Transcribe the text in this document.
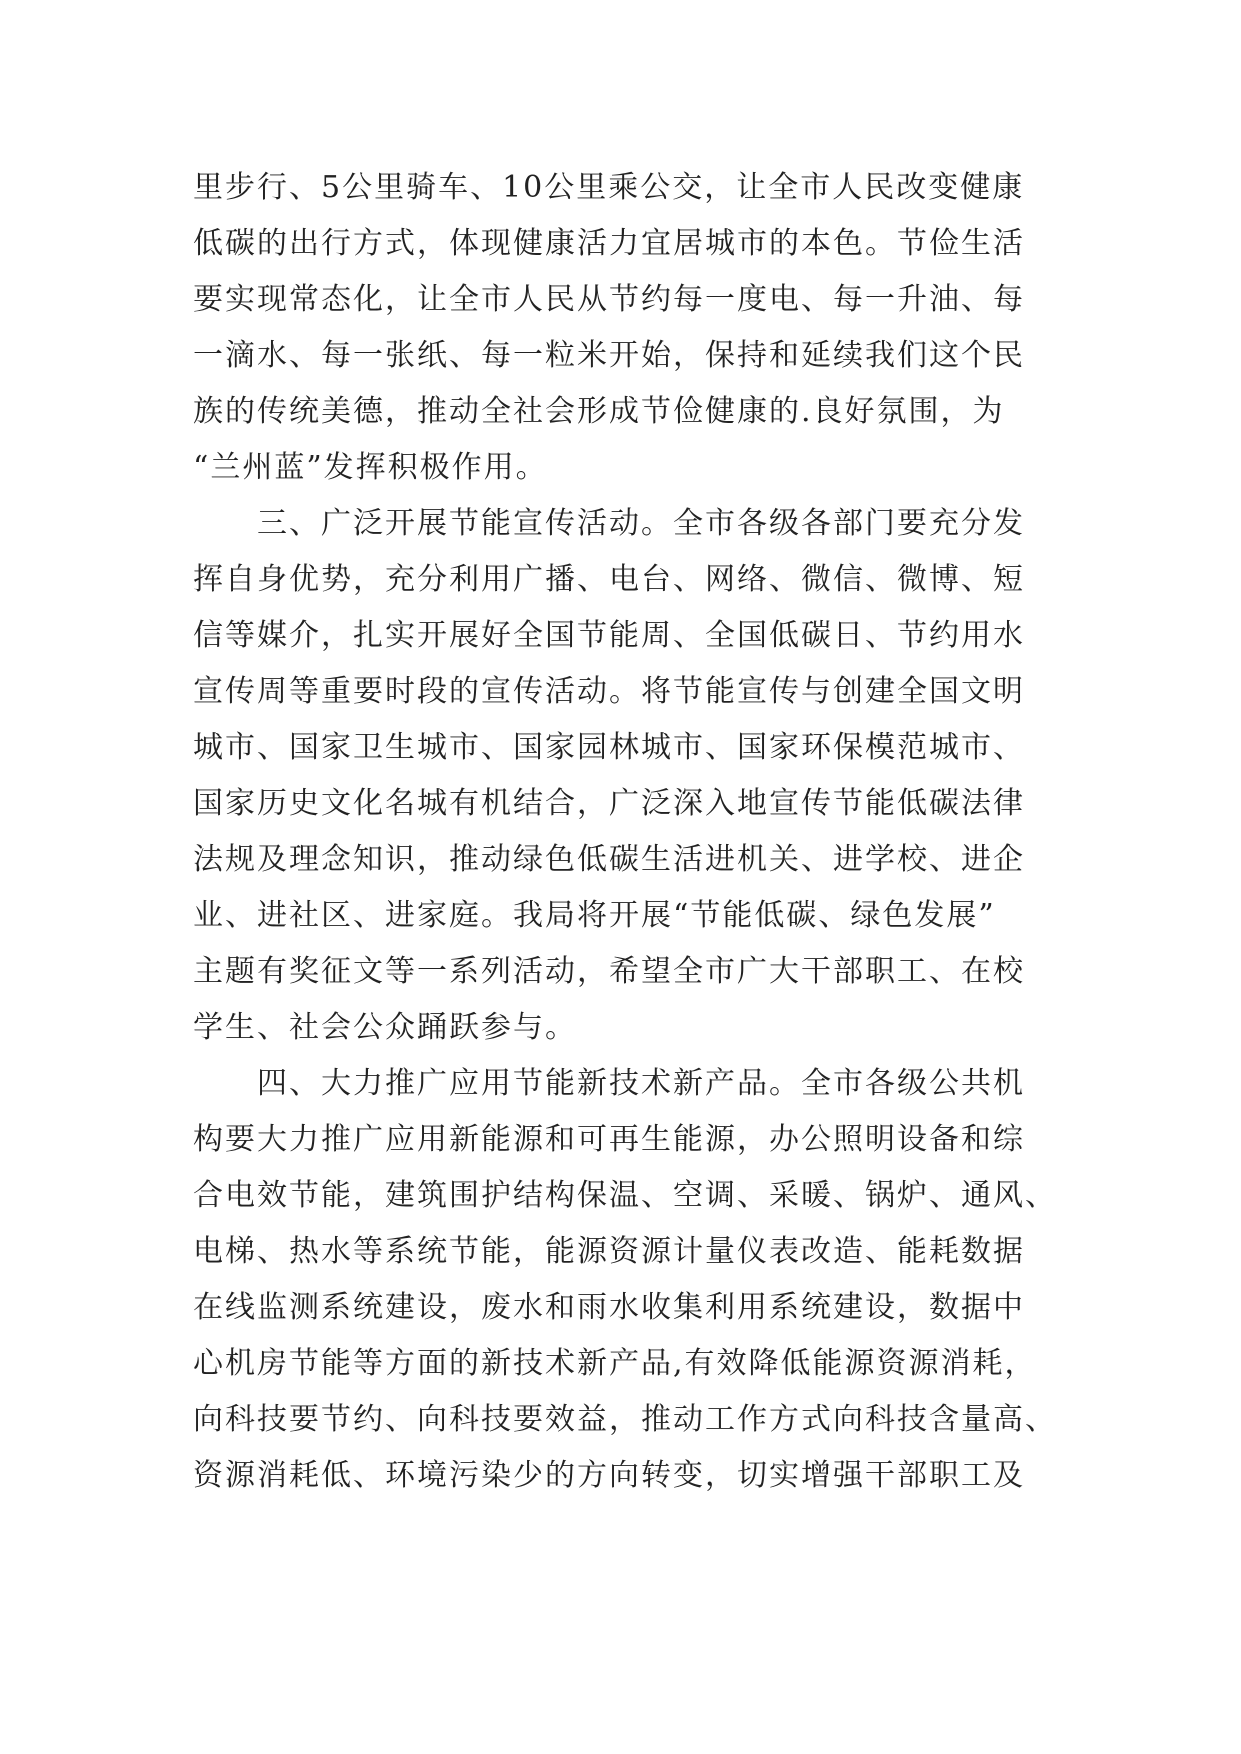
里步行、5公里骑车、10公里乘公交，让全市人民改变健康
低碳的出行方式，体现健康活力宜居城市的本色。节俭生活
要实现常态化，让全市人民从节约每一度电、每一升油、每
一滴水、每一张纸、每一粒米开始，保持和延续我们这个民
族的传统美德，推动全社会形成节俭健康的.良好氛围，为
“兰州蓝”发挥积极作用。
　　三、广泛开展节能宣传活动。全市各级各部门要充分发
挥自身优势，充分利用广播、电台、网络、微信、微博、短
信等媒介，扎实开展好全国节能周、全国低碳日、节约用水
宣传周等重要时段的宣传活动。将节能宣传与创建全国文明
城市、国家卫生城市、国家园林城市、国家环保模范城市、
国家历史文化名城有机结合，广泛深入地宣传节能低碳法律
法规及理念知识，推动绿色低碳生活进机关、进学校、进企
业、进社区、进家庭。我局将开展“节能低碳、绿色发展”
主题有奖征文等一系列活动，希望全市广大干部职工、在校
学生、社会公众踊跃参与。
　　四、大力推广应用节能新技术新产品。全市各级公共机
构要大力推广应用新能源和可再生能源，办公照明设备和综
合电效节能，建筑围护结构保温、空调、采暖、锅炉、通风、
电梯、热水等系统节能，能源资源计量仪表改造、能耗数据
在线监测系统建设，废水和雨水收集利用系统建设，数据中
心机房节能等方面的新技术新产品,有效降低能源资源消耗，
向科技要节约、向科技要效益，推动工作方式向科技含量高、
资源消耗低、环境污染少的方向转变，切实增强干部职工及
